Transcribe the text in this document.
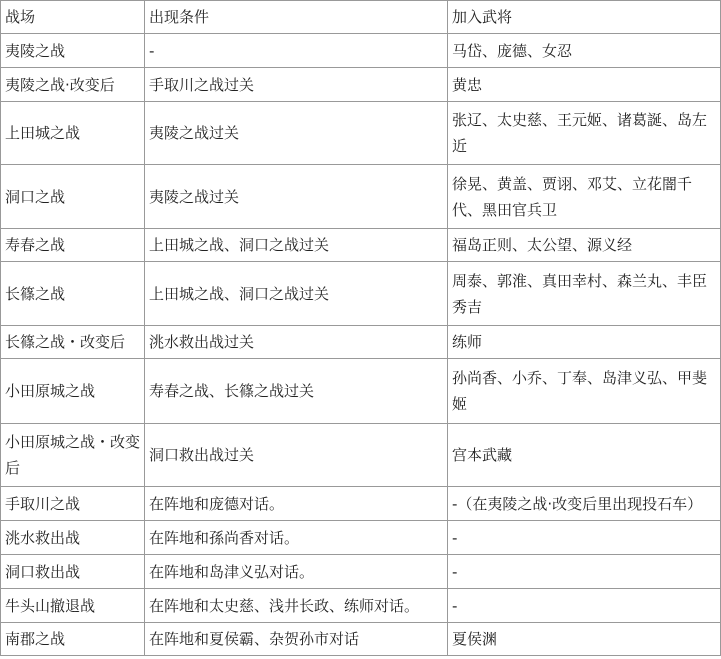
战场	出现条件	加入武将
夷陵之战	-	马岱、庞德、女忍
夷陵之战·改变后	手取川之战过关	黄忠
上田城之战	夷陵之战过关	张辽、太史慈、王元姬、诸葛誕、岛左近
洞口之战	夷陵之战过关	徐晃、黄盖、贾诩、邓艾、立花闇千代、黑田官兵卫
寿春之战	上田城之战、洞口之战过关	福岛正则、太公望、源义经
长篠之战	上田城之战、洞口之战过关	周泰、郭淮、真田幸村、森兰丸、丰臣秀吉
长篠之战・改变后	洮水救出战过关	练师
小田原城之战	寿春之战、长篠之战过关	孙尚香、小乔、丁奉、岛津义弘、甲斐姬
小田原城之战・改变后	洞口救出战过关	宫本武藏
手取川之战	在阵地和庞德对话。	-（在夷陵之战·改变后里出现投石车）
洮水救出战	在阵地和孫尚香对话。	-
洞口救出战	在阵地和岛津义弘对话。	-
牛头山撤退战	在阵地和太史慈、浅井长政、练师对话。	-
南郡之战	在阵地和夏侯霸、杂贺孙市对话	夏侯渊
